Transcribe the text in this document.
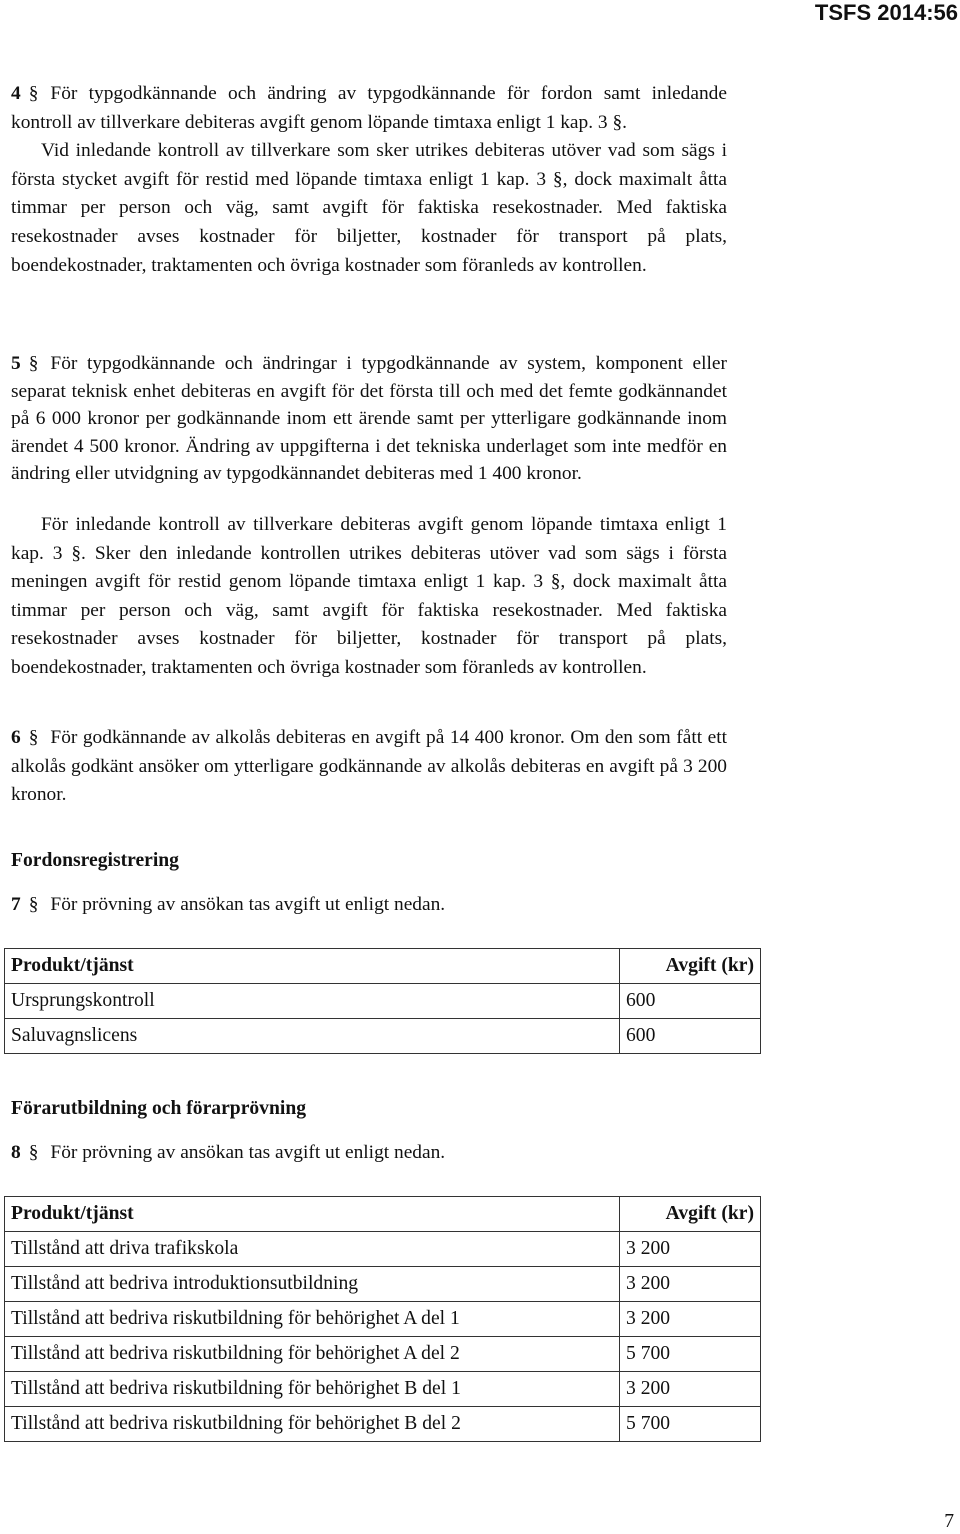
TSFS 2014:56
4 § För typgodkännande och ändring av typgodkännande för fordon samt inledande kontroll av tillverkare debiteras avgift genom löpande timtaxa enligt 1 kap. 3 §.
Vid inledande kontroll av tillverkare som sker utrikes debiteras utöver vad som sägs i första stycket avgift för restid med löpande timtaxa enligt 1 kap. 3 §, dock maximalt åtta timmar per person och väg, samt avgift för faktiska resekostnader. Med faktiska resekostnader avses kostnader för biljetter, kostnader för transport på plats, boendekostnader, traktamenten och övriga kostnader som föranleds av kontrollen.
5 § För typgodkännande och ändringar i typgodkännande av system, komponent eller separat teknisk enhet debiteras en avgift för det första till och med det femte godkännandet på 6 000 kronor per godkännande inom ett ärende samt per ytterligare godkännande inom ärendet 4 500 kronor. Ändring av uppgifterna i det tekniska underlaget som inte medför en ändring eller utvidgning av typgodkännandet debiteras med 1 400 kronor.
För inledande kontroll av tillverkare debiteras avgift genom löpande timtaxa enligt 1 kap. 3 §. Sker den inledande kontrollen utrikes debiteras utöver vad som sägs i första meningen avgift för restid genom löpande timtaxa enligt 1 kap. 3 §, dock maximalt åtta timmar per person och väg, samt avgift för faktiska resekostnader. Med faktiska resekostnader avses kostnader för biljetter, kostnader för transport på plats, boendekostnader, traktamenten och övriga kostnader som föranleds av kontrollen.
6 § För godkännande av alkolås debiteras en avgift på 14 400 kronor. Om den som fått ett alkolås godkänt ansöker om ytterligare godkännande av alkolås debiteras en avgift på 3 200 kronor.
Fordonsregistrering
7 § För prövning av ansökan tas avgift ut enligt nedan.
Produkt/tjänst	Avgift (kr)
Ursprungskontroll	600
Saluvagnslicens	600
Förarutbildning och förarprövning
8 § För prövning av ansökan tas avgift ut enligt nedan.
Produkt/tjänst	Avgift (kr)
Tillstånd att driva trafikskola	3 200
Tillstånd att bedriva introduktionsutbildning	3 200
Tillstånd att bedriva riskutbildning för behörighet A del 1	3 200
Tillstånd att bedriva riskutbildning för behörighet A del 2	5 700
Tillstånd att bedriva riskutbildning för behörighet B del 1	3 200
Tillstånd att bedriva riskutbildning för behörighet B del 2	5 700
7
